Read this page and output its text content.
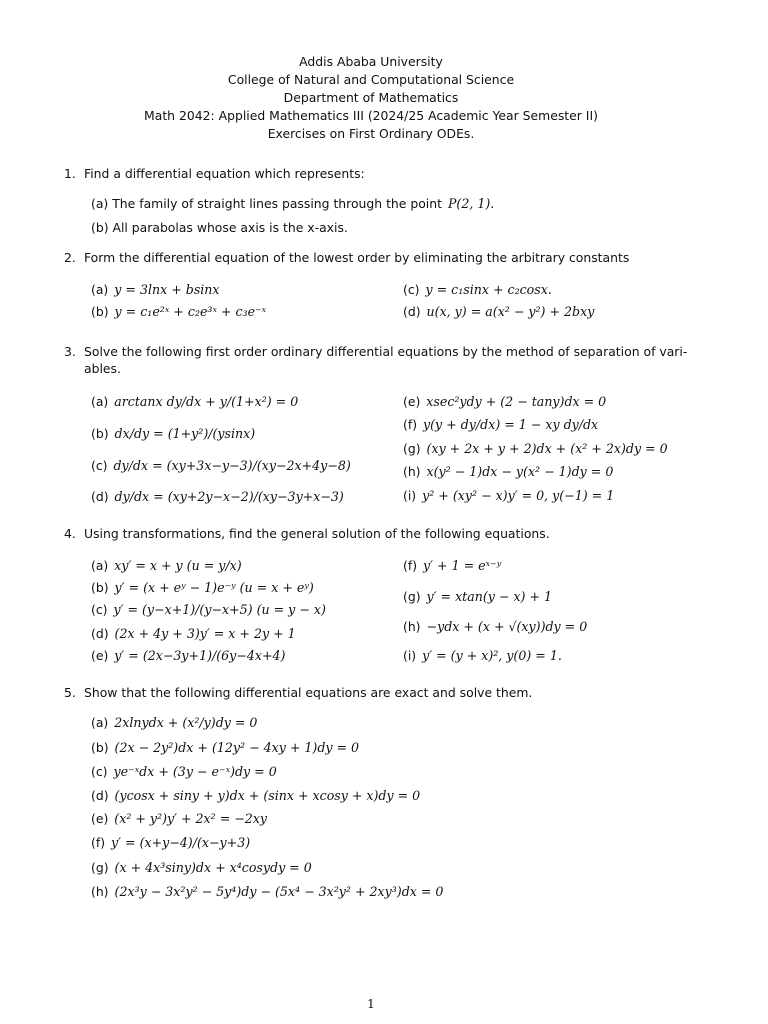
Addis Ababa University
College of Natural and Computational Science
Department of Mathematics
Math 2042: Applied Mathematics III (2024/25 Academic Year Semester II)
Exercises on First Ordinary ODEs.
1. Find a differential equation which represents:
(a) The family of straight lines passing through the point P(2, 1).
(b) All parabolas whose axis is the x-axis.
2. Form the differential equation of the lowest order by eliminating the arbitrary constants
(a) y = 3lnx + bsinx
(b) y = c₁e²ˣ + c₂e³ˣ + c₃e⁻ˣ
(c) y = c₁sinx + c₂cosx.
(d) u(x, y) = a(x² − y²) + 2bxy
3. Solve the following first order ordinary differential equations by the method of separation of vari-
ables.
(a) arctanx dy/dx + y/(1+x²) = 0
(b) dx/dy = (1+y²)/(ysinx)
(c) dy/dx = (xy+3x−y−3)/(xy−2x+4y−8)
(d) dy/dx = (xy+2y−x−2)/(xy−3y+x−3)
(e) xsec²ydy + (2 − tany)dx = 0
(f) y(y + dy/dx) = 1 − xy dy/dx
(g) (xy + 2x + y + 2)dx + (x² + 2x)dy = 0
(h) x(y² − 1)dx − y(x² − 1)dy = 0
(i) y² + (xy² − x)y′ = 0, y(−1) = 1
4. Using transformations, find the general solution of the following equations.
(a) xy′ = x + y (u = y/x)
(b) y′ = (x + eʸ − 1)e⁻ʸ (u = x + eʸ)
(c) y′ = (y−x+1)/(y−x+5) (u = y − x)
(d) (2x + 4y + 3)y′ = x + 2y + 1
(e) y′ = (2x−3y+1)/(6y−4x+4)
(f) y′ + 1 = eˣ⁻ʸ
(g) y′ = xtan(y − x) + 1
(h) −ydx + (x + √(xy))dy = 0
(i) y′ = (y + x)², y(0) = 1.
5. Show that the following differential equations are exact and solve them.
(a) 2xlnydx + (x²/y)dy = 0
(b) (2x − 2y²)dx + (12y² − 4xy + 1)dy = 0
(c) ye⁻ˣdx + (3y − e⁻ˣ)dy = 0
(d) (ycosx + siny + y)dx + (sinx + xcosy + x)dy = 0
(e) (x² + y²)y′ + 2x² = −2xy
(f) y′ = (x+y−4)/(x−y+3)
(g) (x + 4x³siny)dx + x⁴cosydy = 0
(h) (2x³y − 3x²y² − 5y⁴)dy − (5x⁴ − 3x²y² + 2xy³)dx = 0
1
